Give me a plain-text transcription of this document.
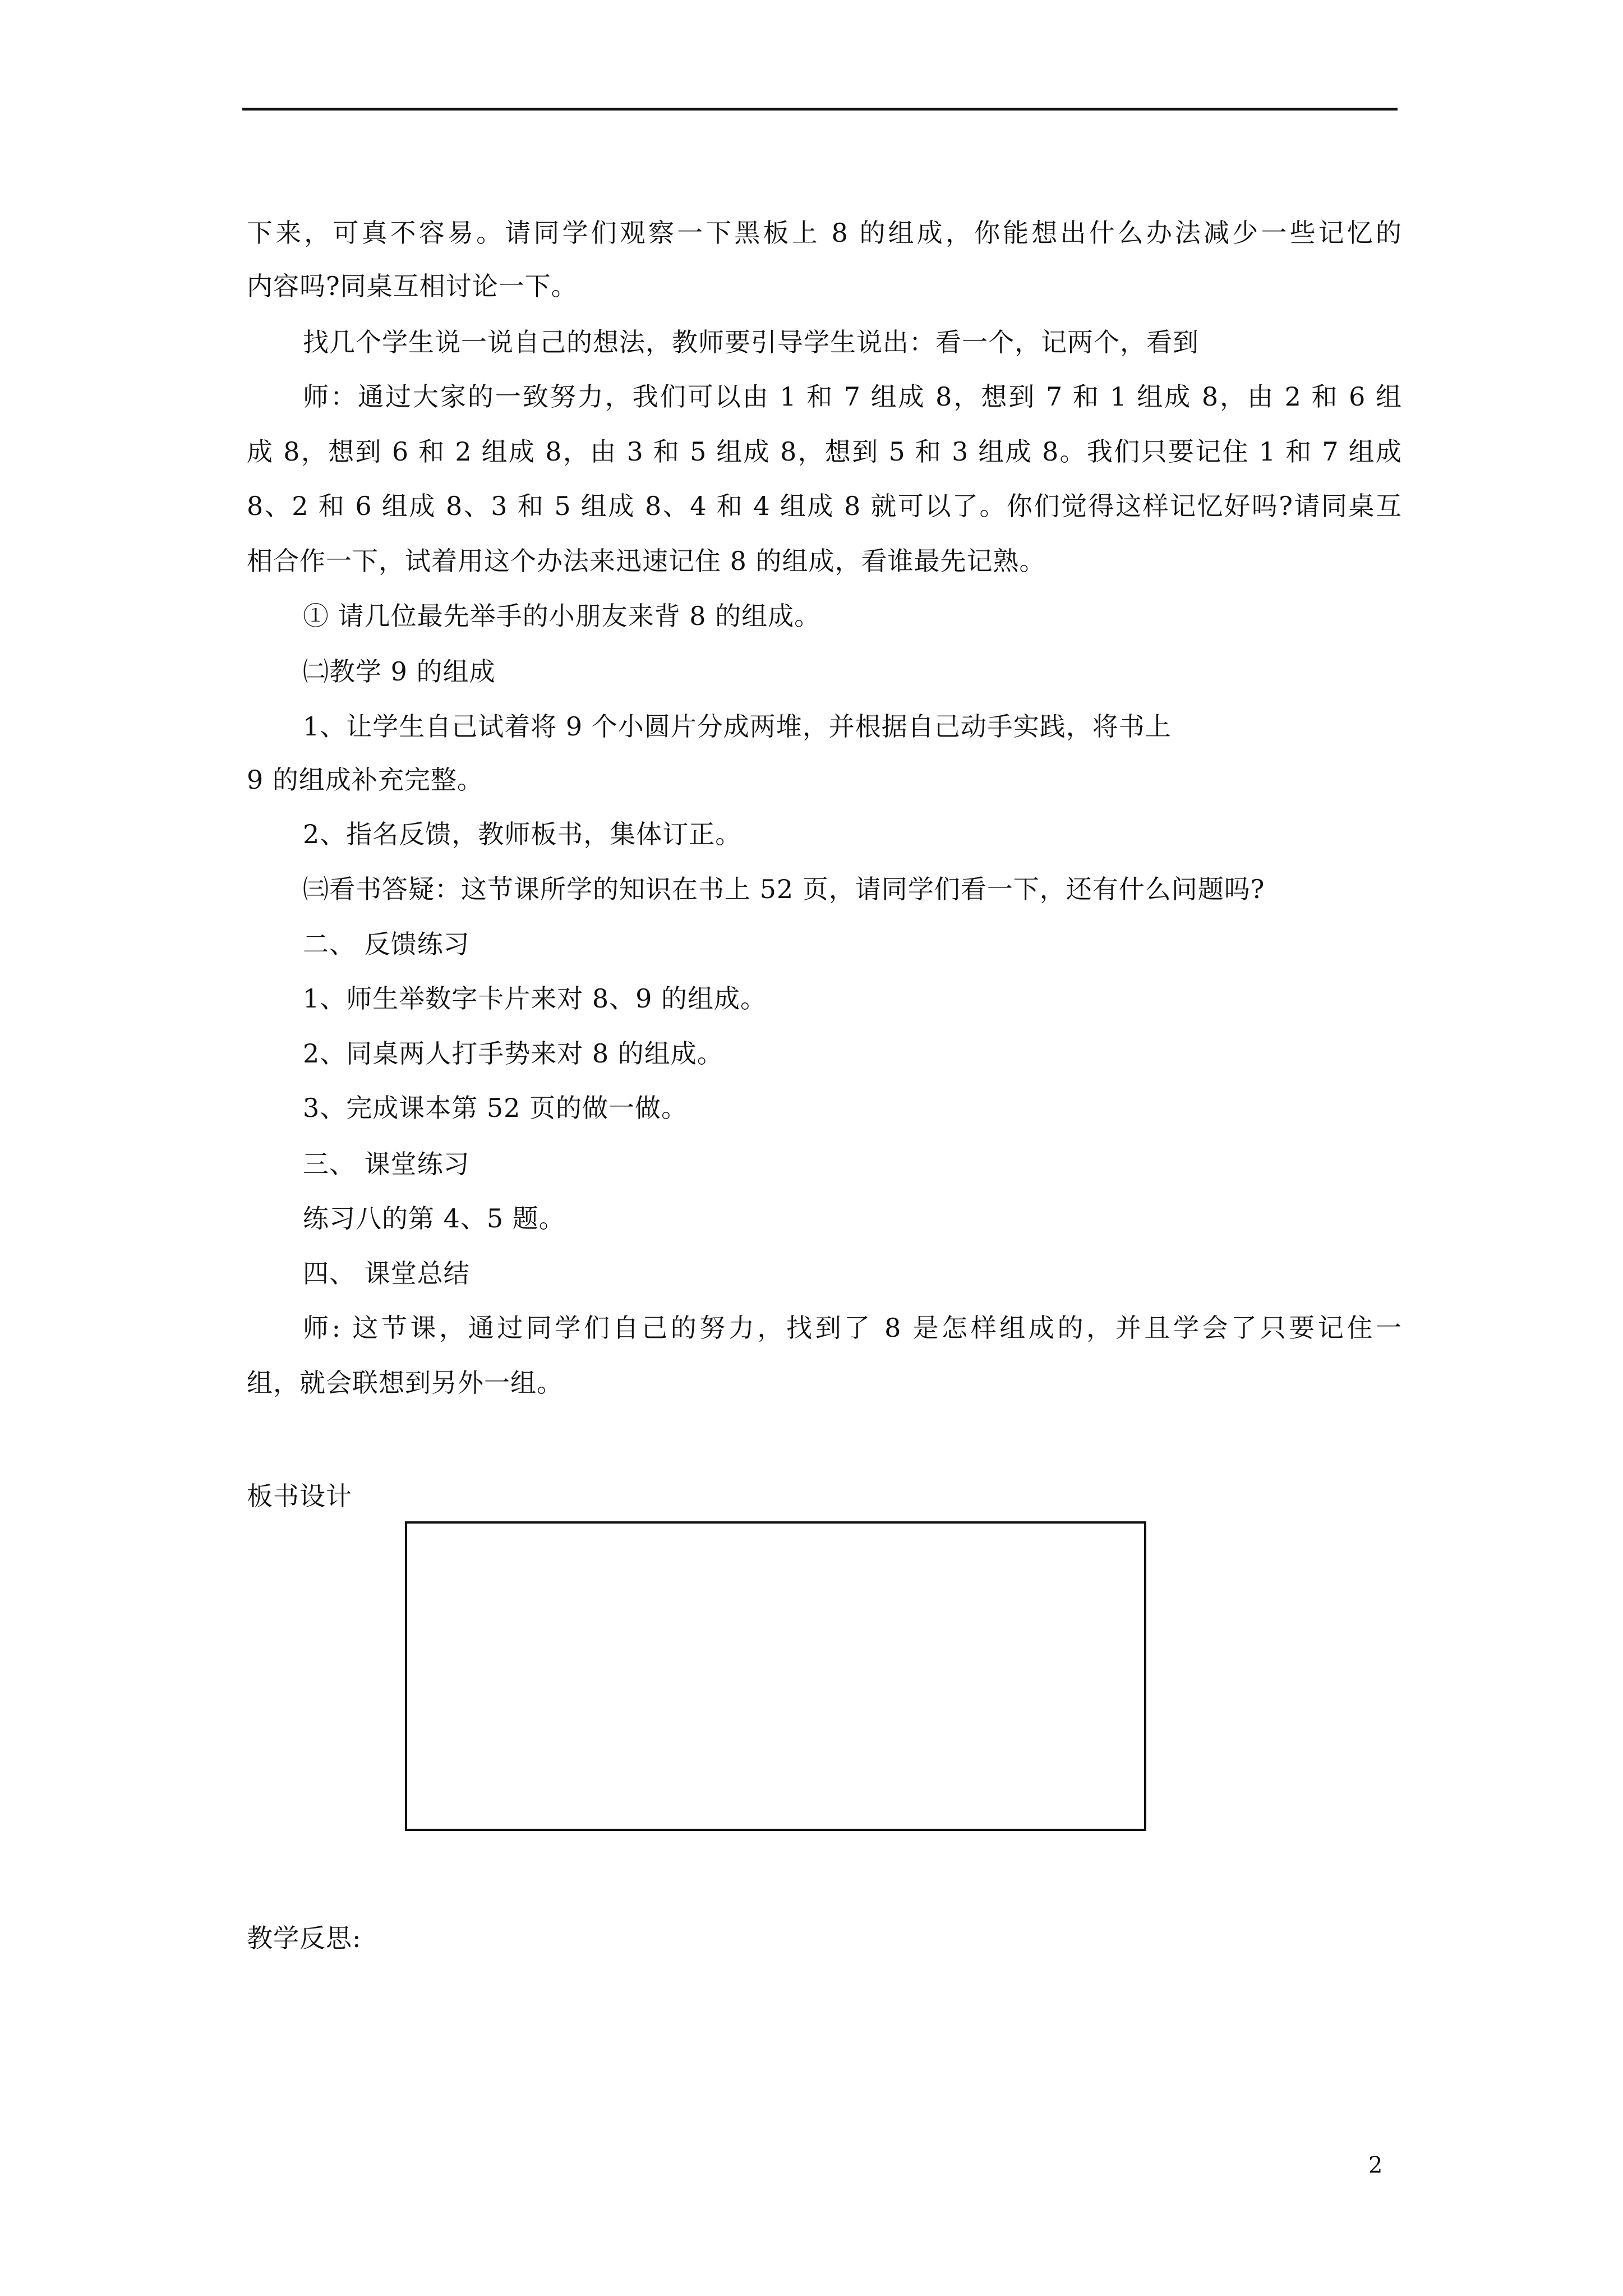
下来，可真不容易。请同学们观察一下黑板上 8 的组成，你能想出什么办法减少一些记忆的
内容吗?同桌互相讨论一下。
找几个学生说一说自己的想法，教师要引导学生说出：看一个，记两个，看到
师：通过大家的一致努力，我们可以由 1 和 7 组成 8，想到 7 和 1 组成 8，由 2 和 6 组
成 8，想到 6 和 2 组成 8，由 3 和 5 组成 8，想到 5 和 3 组成 8。我们只要记住 1 和 7 组成
8、2 和 6 组成 8、3 和 5 组成 8、4 和 4 组成 8 就可以了。你们觉得这样记忆好吗?请同桌互
相合作一下，试着用这个办法来迅速记住 8 的组成，看谁最先记熟。
① 请几位最先举手的小朋友来背 8 的组成。
㈡教学 9 的组成
1、让学生自己试着将 9 个小圆片分成两堆，并根据自己动手实践，将书上
9 的组成补充完整。
2、指名反馈，教师板书，集体订正。
㈢看书答疑：这节课所学的知识在书上 52 页，请同学们看一下，还有什么问题吗?
二、 反馈练习
1、师生举数字卡片来对 8、9 的组成。
2、同桌两人打手势来对 8 的组成。
3、完成课本第 52 页的做一做。
三、 课堂练习
练习八的第 4、5 题。
四、 课堂总结
师: 这节课，通过同学们自己的努力，找到了 8 是怎样组成的，并且学会了只要记住一
组，就会联想到另外一组。
板书设计
教学反思:
2
